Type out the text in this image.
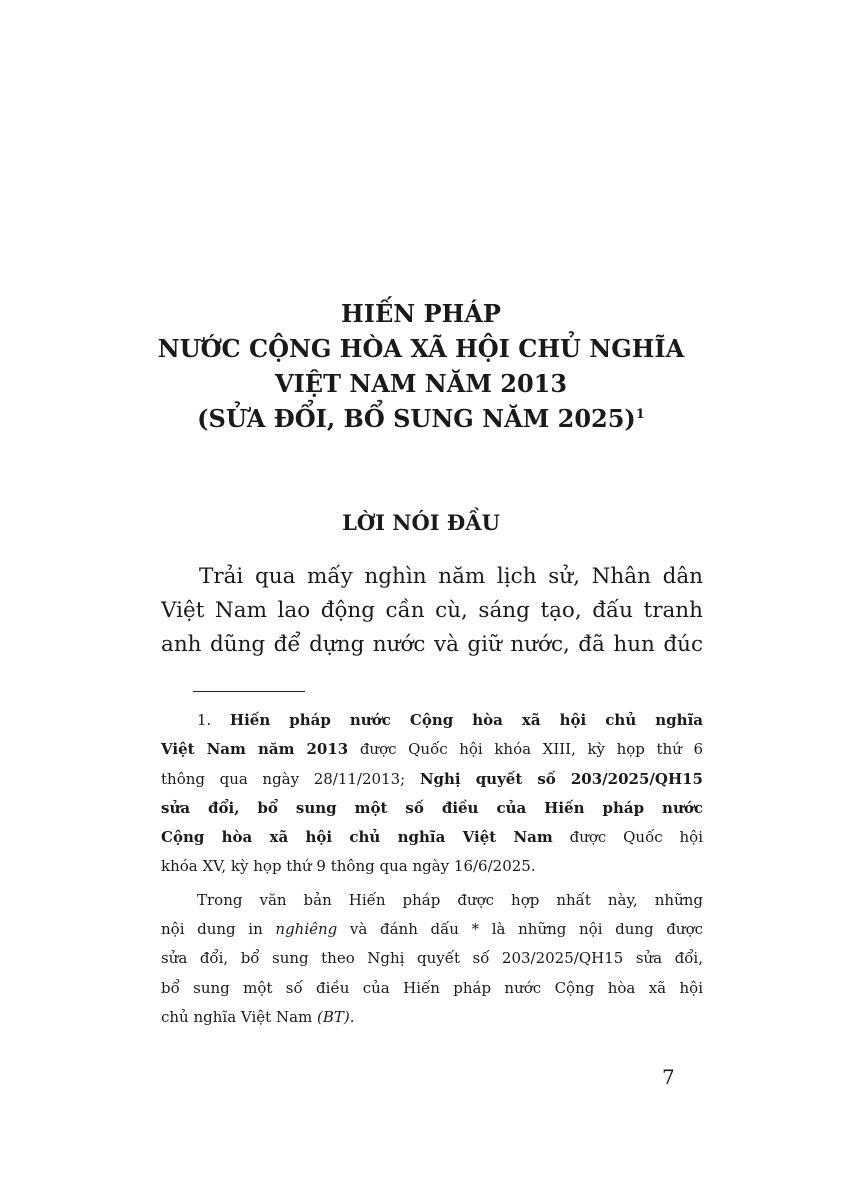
HIẾN PHÁP
NƯỚC CỘNG HÒA XÃ HỘI CHỦ NGHĨA
VIỆT NAM NĂM 2013
(SỬA ĐỔI, BỔ SUNG NĂM 2025)$^1$
LỜI NÓI ĐẦU
Trải qua mấy nghìn năm lịch sử, Nhân dân
Việt Nam lao động cần cù, sáng tạo, đấu tranh
anh dũng để dựng nước và giữ nước, đã hun đúc
1. Hiến pháp nước Cộng hòa xã hội chủ nghĩa
Việt Nam năm 2013 được Quốc hội khóa XIII, kỳ họp thứ 6
thông qua ngày 28/11/2013; Nghị quyết số 203/2025/QH15
sửa đổi, bổ sung một số điều của Hiến pháp nước
Cộng hòa xã hội chủ nghĩa Việt Nam được Quốc hội
khóa XV, kỳ họp thứ 9 thông qua ngày 16/6/2025.
Trong văn bản Hiến pháp được hợp nhất này, những
nội dung in nghiêng và đánh dấu * là những nội dung được
sửa đổi, bổ sung theo Nghị quyết số 203/2025/QH15 sửa đổi,
bổ sung một số điều của Hiến pháp nước Cộng hòa xã hội
chủ nghĩa Việt Nam (BT).
7
